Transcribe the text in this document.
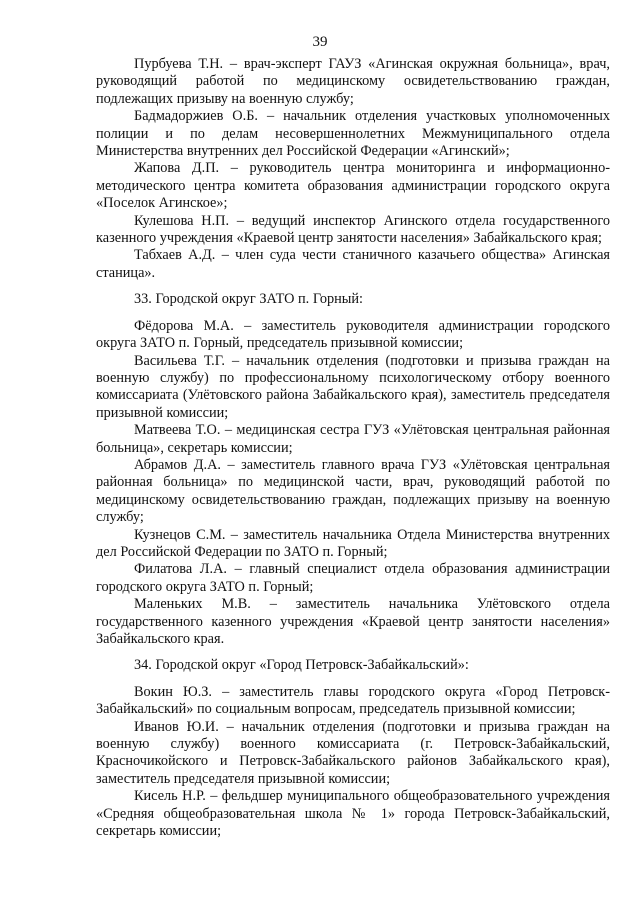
39

Пурбуева Т.Н. – врач-эксперт ГАУЗ «Агинская окружная больница», врач, руководящий работой по медицинскому освидетельствованию граждан, подлежащих призыву на военную службу;

Бадмадоржиев О.Б. – начальник отделения участковых уполномоченных полиции и по делам несовершеннолетних Межмуниципального отдела Министерства внутренних дел Российской Федерации «Агинский»;

Жапова Д.П. – руководитель центра мониторинга и информационно-методического центра комитета образования администрации городского округа «Поселок Агинское»;

Кулешова Н.П. – ведущий инспектор Агинского отдела государственного казенного учреждения «Краевой центр занятости населения» Забайкальского края;

Табхаев А.Д. – член суда чести станичного казачьего общества» Агинская станица».

33. Городской округ ЗАТО п. Горный:

Фёдорова М.А. – заместитель руководителя администрации городского округа ЗАТО п. Горный, председатель призывной комиссии;

Васильева Т.Г. – начальник отделения (подготовки и призыва граждан на военную службу) по профессиональному психологическому отбору военного комиссариата (Улётовского района Забайкальского края), заместитель председателя призывной комиссии;

Матвеева Т.О. – медицинская сестра ГУЗ «Улётовская центральная районная больница», секретарь комиссии;

Абрамов Д.А. – заместитель главного врача ГУЗ «Улётовская центральная районная больница» по медицинской части, врач, руководящий работой по медицинскому освидетельствованию граждан, подлежащих призыву на военную службу;

Кузнецов С.М. – заместитель начальника Отдела Министерства внутренних дел Российской Федерации по ЗАТО п. Горный;

Филатова Л.А. – главный специалист отдела образования администрации городского округа ЗАТО п. Горный;

Маленьких М.В. – заместитель начальника Улётовского отдела государственного казенного учреждения «Краевой центр занятости населения» Забайкальского края.

34. Городской округ «Город Петровск-Забайкальский»:

Вокин Ю.З. – заместитель главы городского округа «Город Петровск-Забайкальский» по социальным вопросам, председатель призывной комиссии;

Иванов Ю.И. – начальник отделения (подготовки и призыва граждан на военную службу) военного комиссариата (г. Петровск-Забайкальский, Красночикойского и Петровск-Забайкальского районов Забайкальского края), заместитель председателя призывной комиссии;

Кисель Н.Р. – фельдшер муниципального общеобразовательного учреждения «Средняя общеобразовательная школа № 1» города Петровск-Забайкальский, секретарь комиссии;
